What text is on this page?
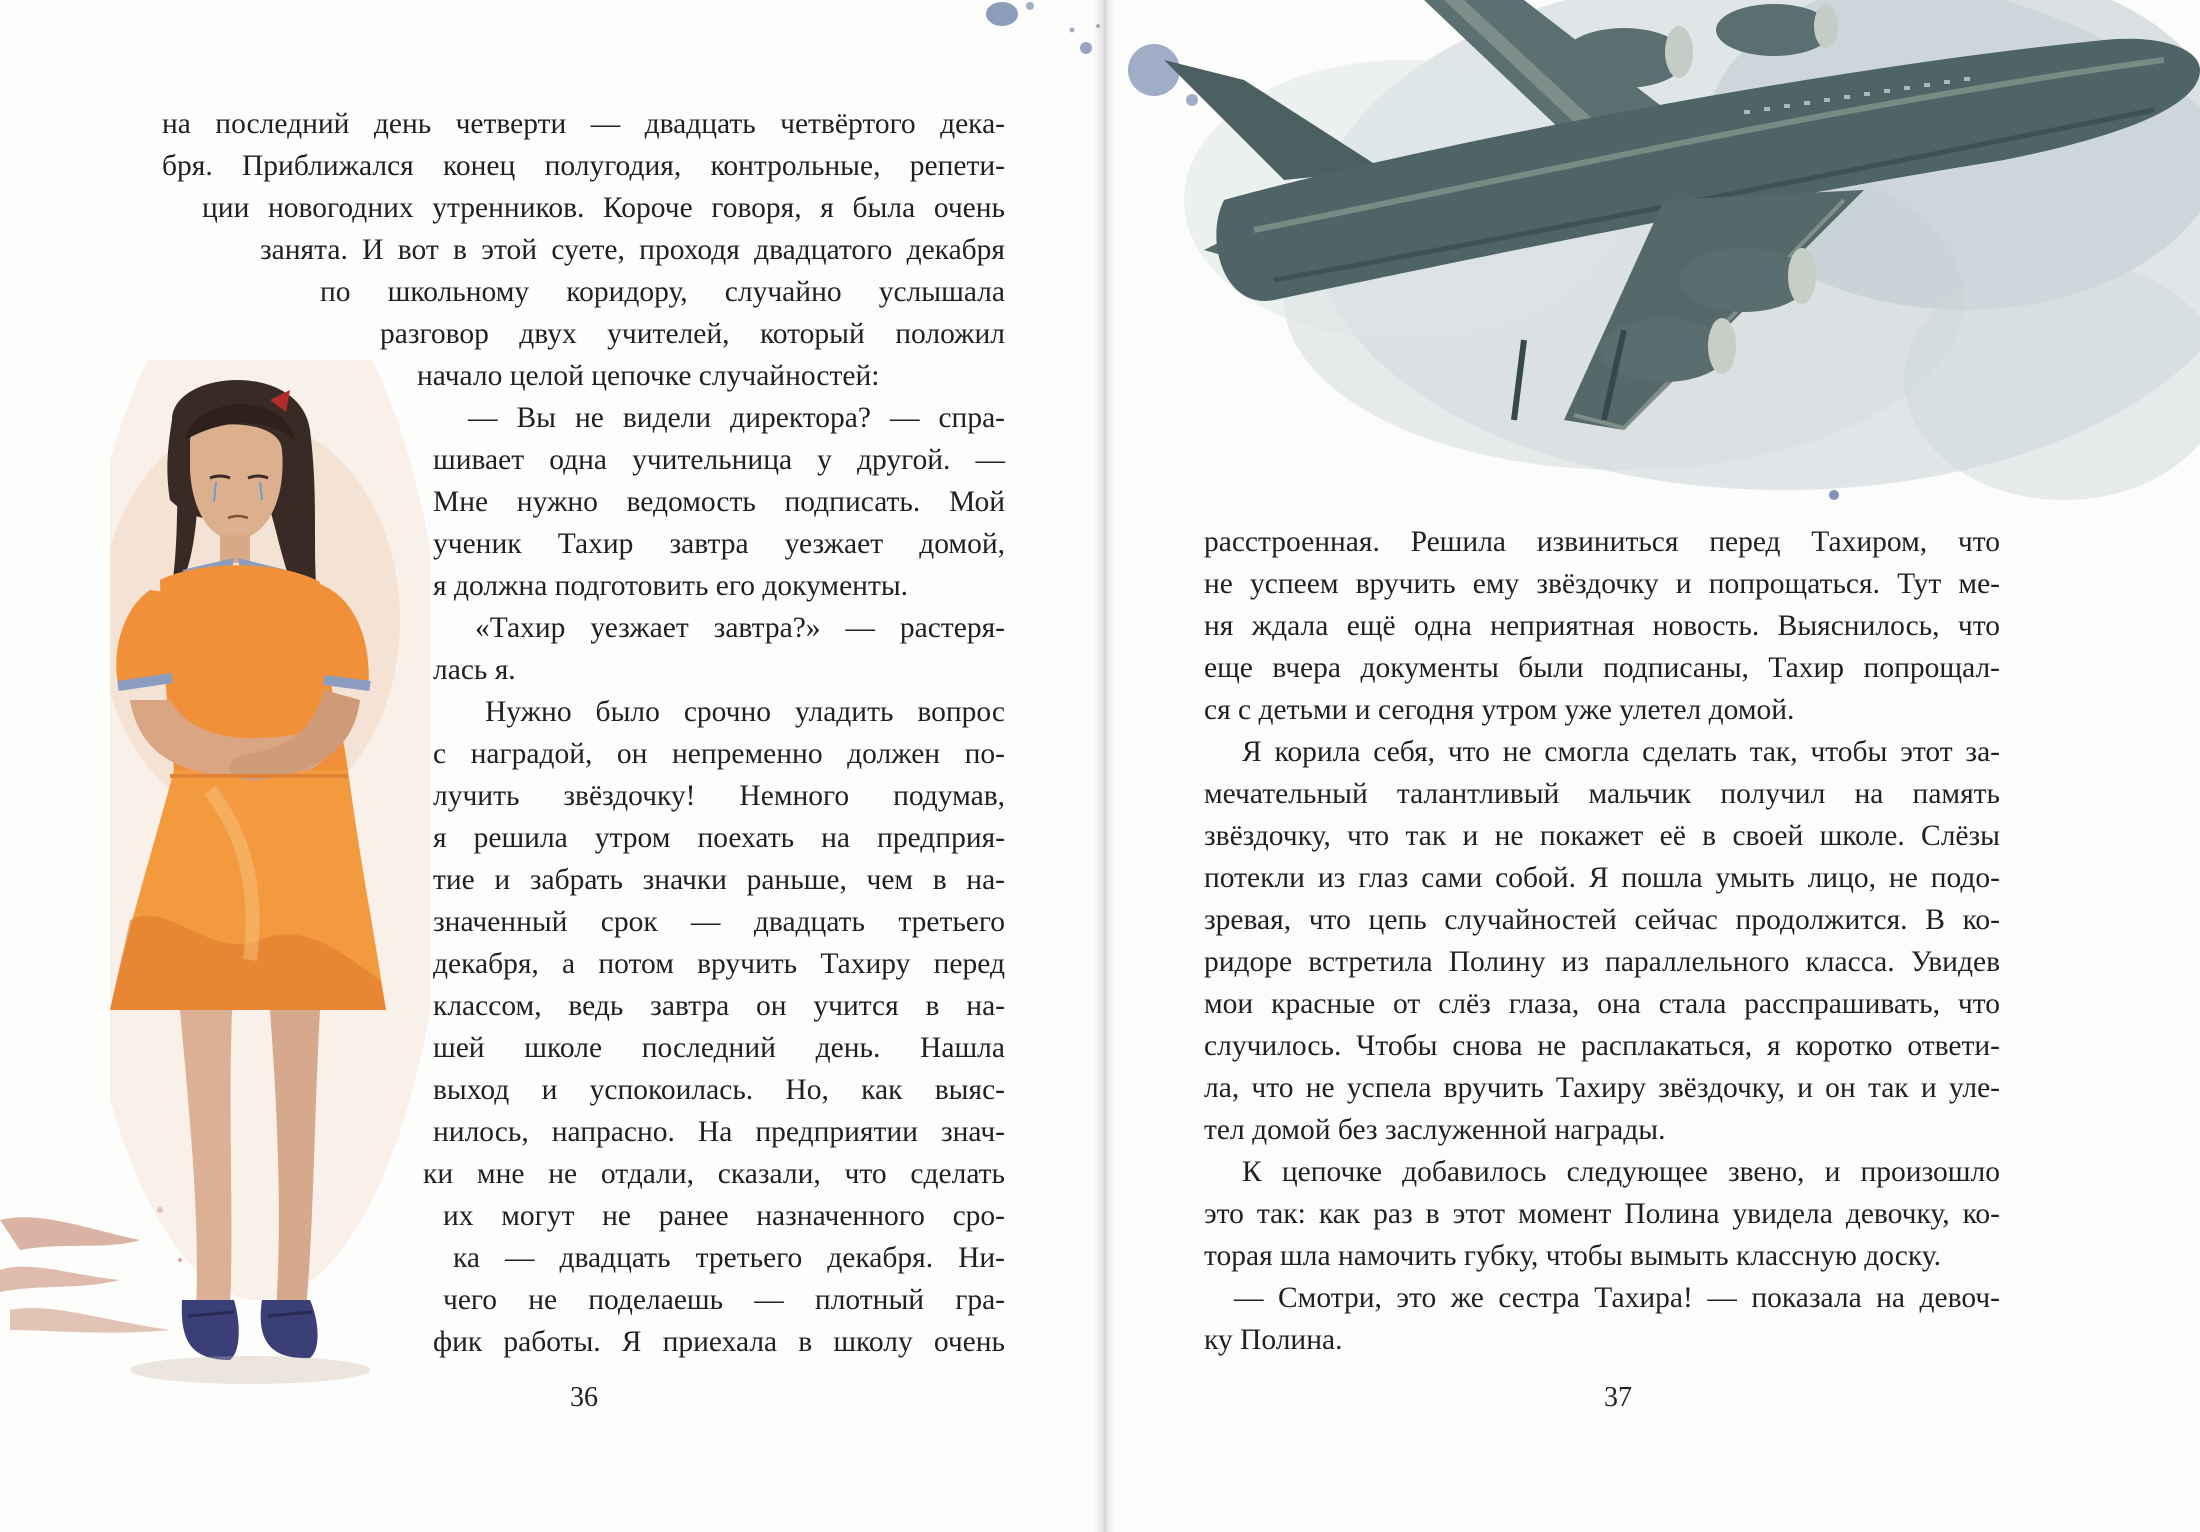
на последний день четверти — двадцать четвёртого дека-
бря. Приближался конец полугодия, контрольные, репети-
ции новогодних утренников. Короче говоря, я была очень
занята. И вот в этой суете, проходя двадцатого декабря
по школьному коридору, случайно услышала
разговор двух учителей, который положил
начало целой цепочке случайностей:
— Вы не видели директора? — спра-
шивает одна учительница у другой. —
Мне нужно ведомость подписать. Мой
ученик Тахир завтра уезжает домой,
я должна подготовить его документы.
«Тахир уезжает завтра?» — растеря-
лась я.
Нужно было срочно уладить вопрос
с наградой, он непременно должен по-
лучить звёздочку! Немного подумав,
я решила утром поехать на предприя-
тие и забрать значки раньше, чем в на-
значенный срок — двадцать третьего
декабря, а потом вручить Тахиру перед
классом, ведь завтра он учится в на-
шей школе последний день. Нашла
выход и успокоилась. Но, как выяс-
нилось, напрасно. На предприятии знач-
ки мне не отдали, сказали, что сделать
их могут не ранее назначенного сро-
ка — двадцать третьего декабря. Ни-
чего не поделаешь — плотный гра-
фик работы. Я приехала в школу очень
36
расстроенная. Решила извиниться перед Тахиром, что
не успеем вручить ему звёздочку и попрощаться. Тут ме-
ня ждала ещё одна неприятная новость. Выяснилось, что
еще вчера документы были подписаны, Тахир попрощал-
ся с детьми и сегодня утром уже улетел домой.
Я корила себя, что не смогла сделать так, чтобы этот за-
мечательный талантливый мальчик получил на память
звёздочку, что так и не покажет её в своей школе. Слёзы
потекли из глаз сами собой. Я пошла умыть лицо, не подо-
зревая, что цепь случайностей сейчас продолжится. В ко-
ридоре встретила Полину из параллельного класса. Увидев
мои красные от слёз глаза, она стала расспрашивать, что
случилось. Чтобы снова не расплакаться, я коротко ответи-
ла, что не успела вручить Тахиру звёздочку, и он так и уле-
тел домой без заслуженной награды.
К цепочке добавилось следующее звено, и произошло
это так: как раз в этот момент Полина увидела девочку, ко-
торая шла намочить губку, чтобы вымыть классную доску.
— Смотри, это же сестра Тахира! — показала на девоч-
ку Полина.
37
